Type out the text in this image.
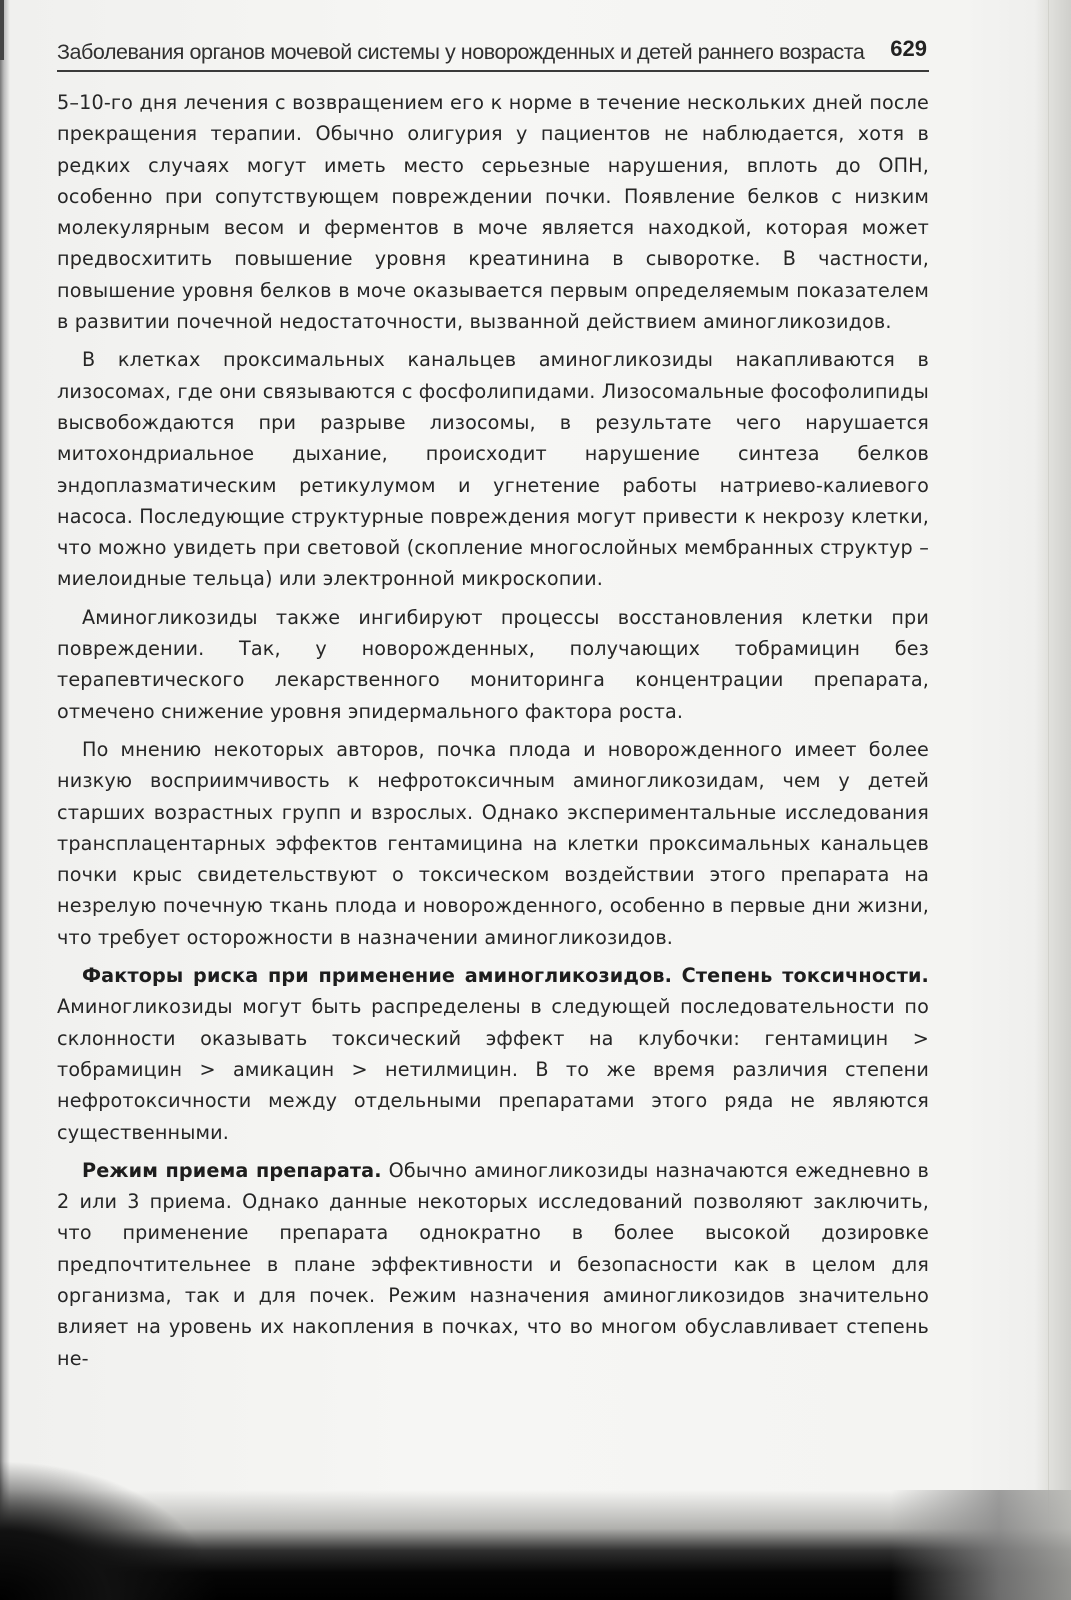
Заболевания органов мочевой системы у новорожденных и детей раннего возраста 629

5–10-го дня лечения с возвращением его к норме в течение нескольких дней после прекращения терапии. Обычно олигурия у пациентов не наблюдается, хотя в редких случаях могут иметь место серьезные нарушения, вплоть до ОПН, особенно при сопутствующем повреждении почки. Появление белков с низким молекулярным весом и ферментов в моче является находкой, которая может предвосхитить повышение уровня креатинина в сыворотке. В частности, повышение уровня белков в моче оказывается первым определяемым показателем в развитии почечной недостаточности, вызванной действием аминогликозидов.

В клетках проксимальных канальцев аминогликозиды накапливаются в лизосомах, где они связываются с фосфолипидами. Лизосомальные фософолипиды высвобождаются при разрыве лизосомы, в результате чего нарушается митохондриальное дыхание, происходит нарушение синтеза белков эндоплазматическим ретикулумом и угнетение работы натриево-калиевого насоса. Последующие структурные повреждения могут привести к некрозу клетки, что можно увидеть при световой (скопление многослойных мембранных структур – миелоидные тельца) или электронной микроскопии.

Аминогликозиды также ингибируют процессы восстановления клетки при повреждении. Так, у новорожденных, получающих тобрамицин без терапевтического лекарственного мониторинга концентрации препарата, отмечено снижение уровня эпидермального фактора роста.

По мнению некоторых авторов, почка плода и новорожденного имеет более низкую восприимчивость к нефротоксичным аминогликозидам, чем у детей старших возрастных групп и взрослых. Однако экспериментальные исследования трансплацентарных эффектов гентамицина на клетки проксимальных канальцев почки крыс свидетельствуют о токсическом воздействии этого препарата на незрелую почечную ткань плода и новорожденного, особенно в первые дни жизни, что требует осторожности в назначении аминогликозидов.

Факторы риска при применение аминогликозидов. Степень токсичности. Аминогликозиды могут быть распределены в следующей последовательности по склонности оказывать токсический эффект на клубочки: гентамицин > тобрамицин > амикацин > нетилмицин. В то же время различия степени нефротоксичности между отдельными препаратами этого ряда не являются существенными.

Режим приема препарата. Обычно аминогликозиды назначаются ежедневно в 2 или 3 приема. Однако данные некоторых исследований позволяют заключить, что применение препарата однократно в более высокой дозировке предпочтительнее в плане эффективности и безопасности как в целом для организма, так и для почек. Режим назначения аминогликозидов значительно влияет на уровень их накопления в почках, что во многом обуславливает степень не-
